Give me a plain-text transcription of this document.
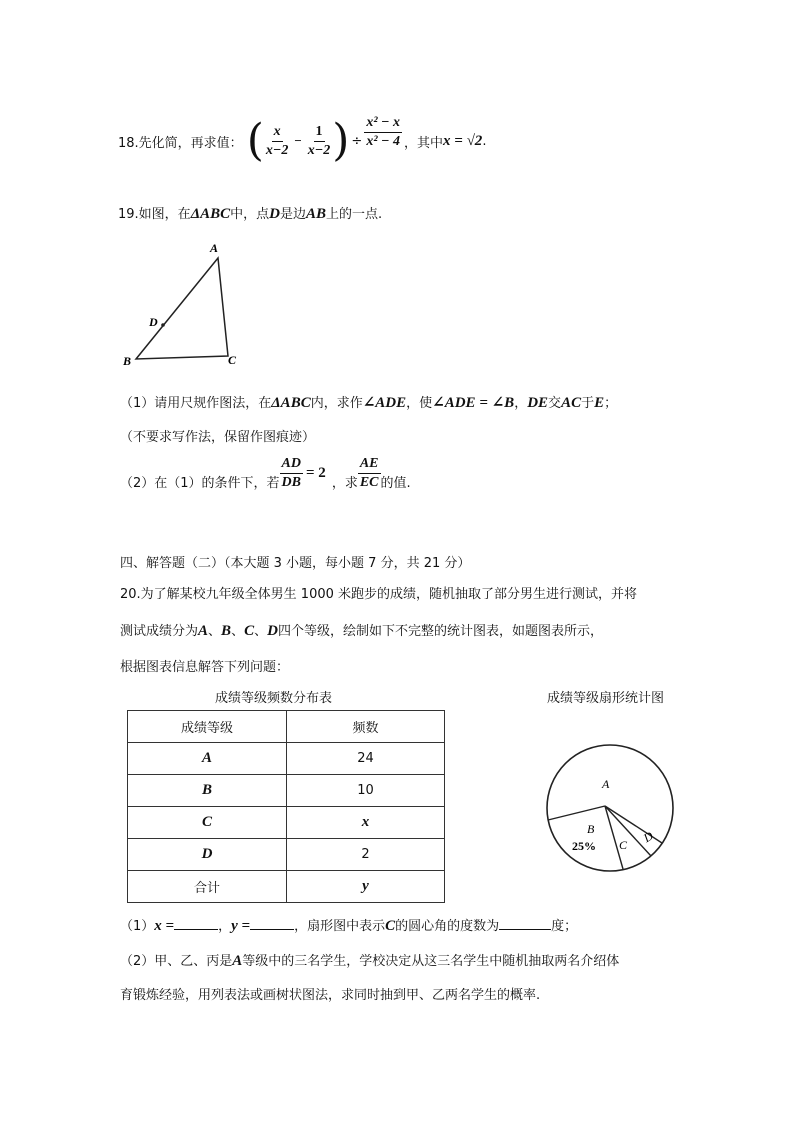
18.先化简，再求值： ( $\frac{x}{x-2} - \frac{1}{x-2}$ ) ÷ $\frac{\text{x² − x}}{\text{x² − 4}}$ ，其中 x = √2 .
19.如图，在ΔABC中，点D是边AB上的一点.
A
B	C
D
（1）请用尺规作图法，在ΔABC内，求作∠ADE，使∠ADE = ∠B，DE交AC于E；
（不要求写作法，保留作图痕迹）
（2）在（1）的条件下，若 $\frac{AD}{DB} = 2$
，求 $\frac{AE}{EC}$ 的值.
四、解答题（二）（本大题 3 小题，每小题 7 分，共 21 分）
20.为了解某校九年级全体男生 1000 米跑步的成绩，随机抽取了部分男生进行测试，并将
测试成绩分为A、B、C、D四个等级，绘制如下不完整的统计图表，如题图表所示，
根据图表信息解答下列问题：
成绩等级频数分布表	成绩等级扇形统计图
成绩等级	频数
A	24
B	10
C	x
D	2
合计	y
A
B
25% C D
（1）x =	，y =	，扇形图中表示C的圆心角的度数为	度；
（2）甲、乙、丙是A等级中的三名学生，学校决定从这三名学生中随机抽取两名介绍体
育锻炼经验，用列表法或画树状图法，求同时抽到甲、乙两名学生的概率.
